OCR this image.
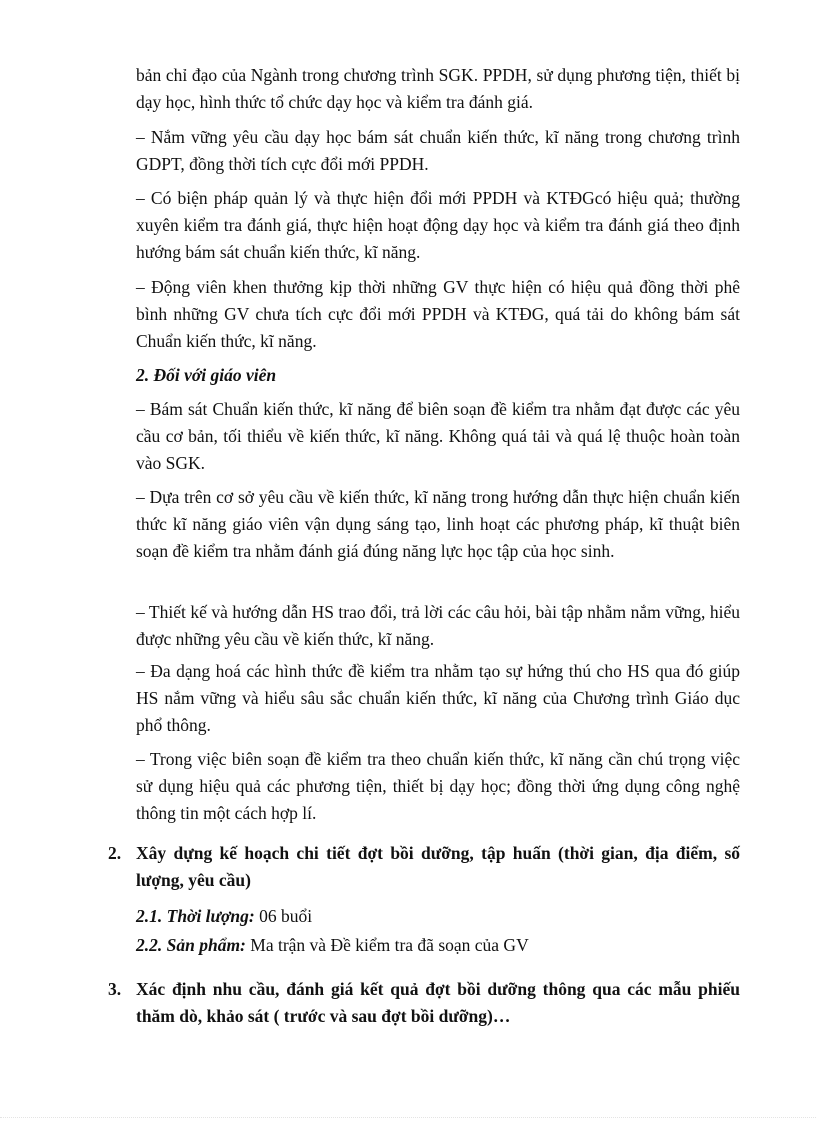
bản chỉ đạo của Ngành trong chương trình SGK. PPDH, sử dụng phương tiện, thiết bị dạy học, hình thức tổ chức dạy học và kiểm tra đánh giá.

– Nắm vững yêu cầu dạy học bám sát chuẩn kiến thức, kĩ năng trong chương trình GDPT, đồng thời tích cực đổi mới PPDH.

– Có biện pháp quản lý và thực hiện đổi mới PPDH và KTĐGcó hiệu quả; thường xuyên kiểm tra đánh giá, thực hiện hoạt động dạy học và kiểm tra đánh giá theo định hướng bám sát chuẩn kiến thức, kĩ năng.

– Động viên khen thưởng kịp thời những GV thực hiện có hiệu quả đồng thời phê bình những GV chưa tích cực đổi mới PPDH và KTĐG, quá tải do không bám sát Chuẩn kiến thức, kĩ năng.

2. Đối với giáo viên

– Bám sát Chuẩn kiến thức, kĩ năng để biên soạn đề kiểm tra nhằm đạt được các yêu cầu cơ bản, tối thiểu về kiến thức, kĩ năng. Không quá tải và quá lệ thuộc hoàn toàn vào SGK.

– Dựa trên cơ sở yêu cầu về kiến thức, kĩ năng trong hướng dẫn thực hiện chuẩn kiến thức kĩ năng giáo viên vận dụng sáng tạo, linh hoạt các phương pháp, kĩ thuật biên soạn đề kiểm tra nhằm đánh giá đúng năng lực học tập của học sinh.

– Thiết kế và hướng dẫn HS trao đổi, trả lời các câu hỏi, bài tập nhằm nắm vững, hiểu được những yêu cầu về kiến thức, kĩ năng.

– Đa dạng hoá các hình thức đề kiểm tra nhằm tạo sự hứng thú cho HS qua đó giúp HS nắm vững và hiểu sâu sắc chuẩn kiến thức, kĩ năng của Chương trình Giáo dục phổ thông.

– Trong việc biên soạn đề kiểm tra theo chuẩn kiến thức, kĩ năng cần chú trọng việc sử dụng hiệu quả các phương tiện, thiết bị dạy học; đồng thời ứng dụng công nghệ thông tin một cách hợp lí.

2. Xây dựng kế hoạch chi tiết đợt bồi dưỡng, tập huấn (thời gian, địa điểm, số lượng, yêu cầu)

2.1. Thời lượng: 06 buổi

2.2. Sản phẩm: Ma trận và Đề kiểm tra đã soạn của GV

3. Xác định nhu cầu, đánh giá kết quả đợt bồi dưỡng thông qua các mẫu phiếu thăm dò, khảo sát ( trước và sau đợt bồi dưỡng)…
